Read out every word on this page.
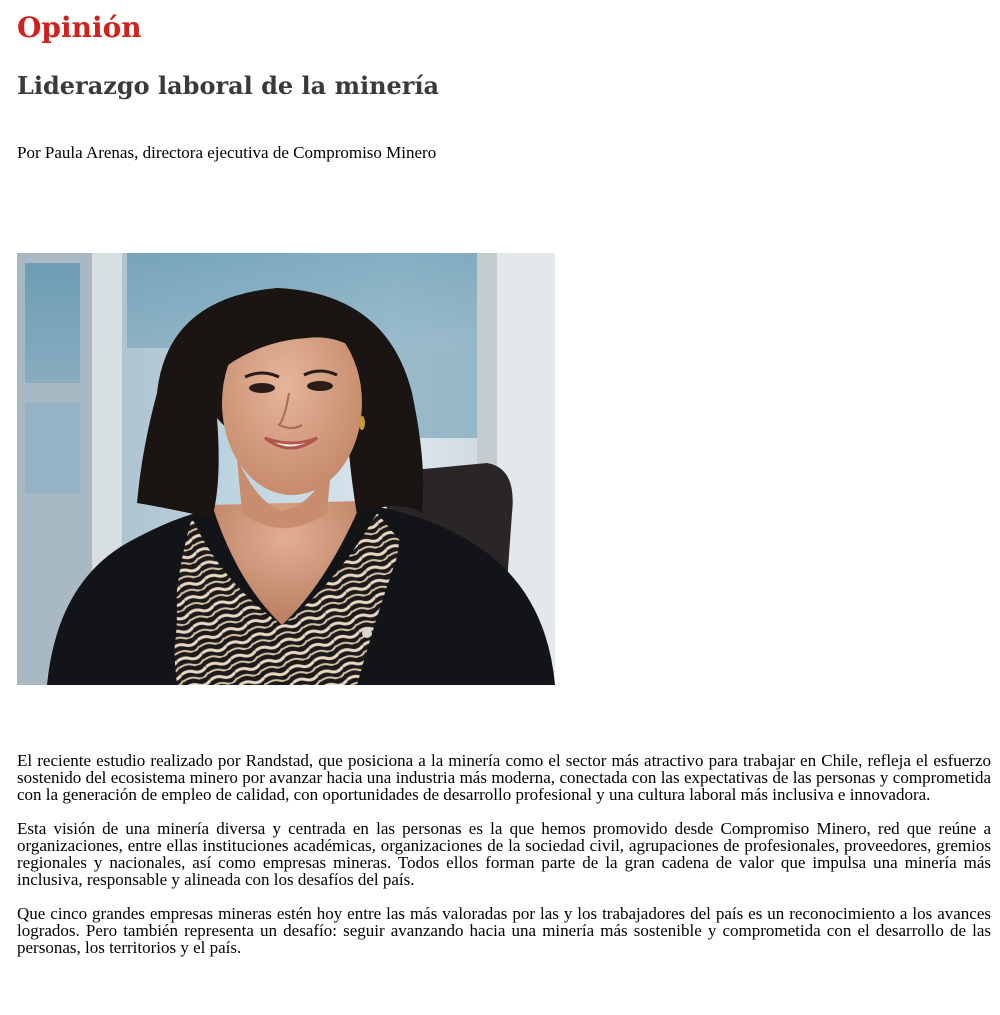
Opinión
Liderazgo laboral de la minería

Por Paula Arenas, directora ejecutiva de Compromiso Minero

El reciente estudio realizado por Randstad, que posiciona a la minería como el sector más atractivo para trabajar en Chile, refleja el esfuerzo sostenido del ecosistema minero por avanzar hacia una industria más moderna, conectada con las expectativas de las personas y comprometida con la generación de empleo de calidad, con oportunidades de desarrollo profesional y una cultura laboral más inclusiva e innovadora.

Esta visión de una minería diversa y centrada en las personas es la que hemos promovido desde Compromiso Minero, red que reúne a organizaciones, entre ellas instituciones académicas, organizaciones de la sociedad civil, agrupaciones de profesionales, proveedores, gremios regionales y nacionales, así como empresas mineras. Todos ellos forman parte de la gran cadena de valor que impulsa una minería más inclusiva, responsable y alineada con los desafíos del país.

Que cinco grandes empresas mineras estén hoy entre las más valoradas por las y los trabajadores del país es un reconocimiento a los avances logrados. Pero también representa un desafío: seguir avanzando hacia una minería más sostenible y comprometida con el desarrollo de las personas, los territorios y el país.
